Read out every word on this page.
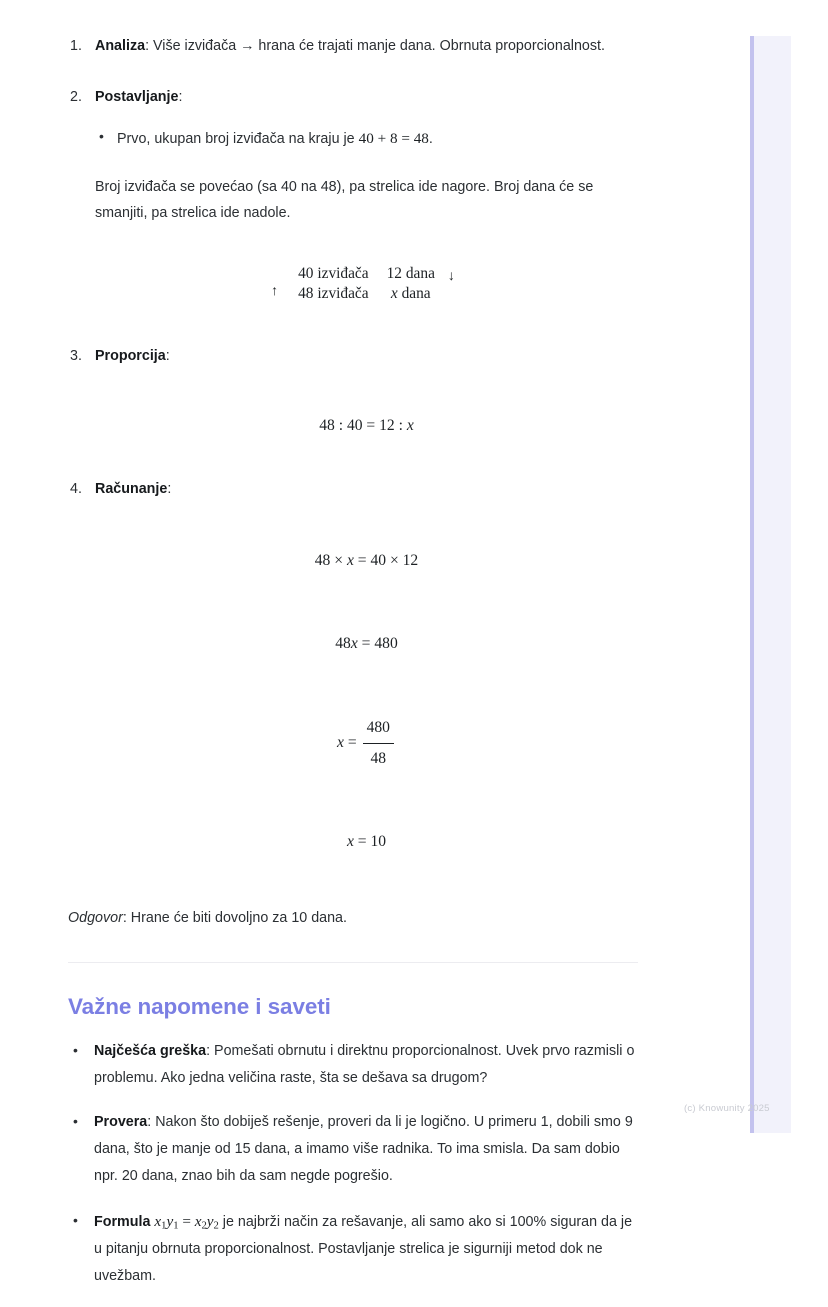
1. Analiza: Više izviđača → hrana će trajati manje dana. Obrnuta proporcionalnost.
2. Postavljanje:
• Prvo, ukupan broj izviđača na kraju je 40 + 8 = 48.

Broj izviđača se povećao (sa 40 na 48), pa strelica ide nagore. Broj dana će se smanjiti, pa strelica ide nadole.

↑
40 izviđača	12 dana
48 izviđača	x dana
↓
3. Proporcija:
48 : 40 = 12 : x
4. Računanje:
48 × x = 40 × 12
48x = 480
$x = \frac{480}{48}$
x = 10

Odgovor: Hrane će biti dovoljno za 10 dana.

Važne napomene i saveti
• Najčešća greška: Pomešati obrnutu i direktnu proporcionalnost. Uvek prvo razmisli o problemu. Ako jedna veličina raste, šta se dešava sa drugom?
• Provera: Nakon što dobiješ rešenje, proveri da li je logično. U primeru 1, dobili smo 9 dana, što je manje od 15 dana, a imamo više radnika. To ima smisla. Da sam dobio npr. 20 dana, znao bih da sam negde pogrešio.
• Formula $x_1y_1 = x_2y_2$ je najbrži način za rešavanje, ali samo ako si 100% siguran da je u pitanju obrnuta proporcionalnost. Postavljanje strelica je sigurniji metod dok ne uvežbam.
(c) Knowunity 2025
